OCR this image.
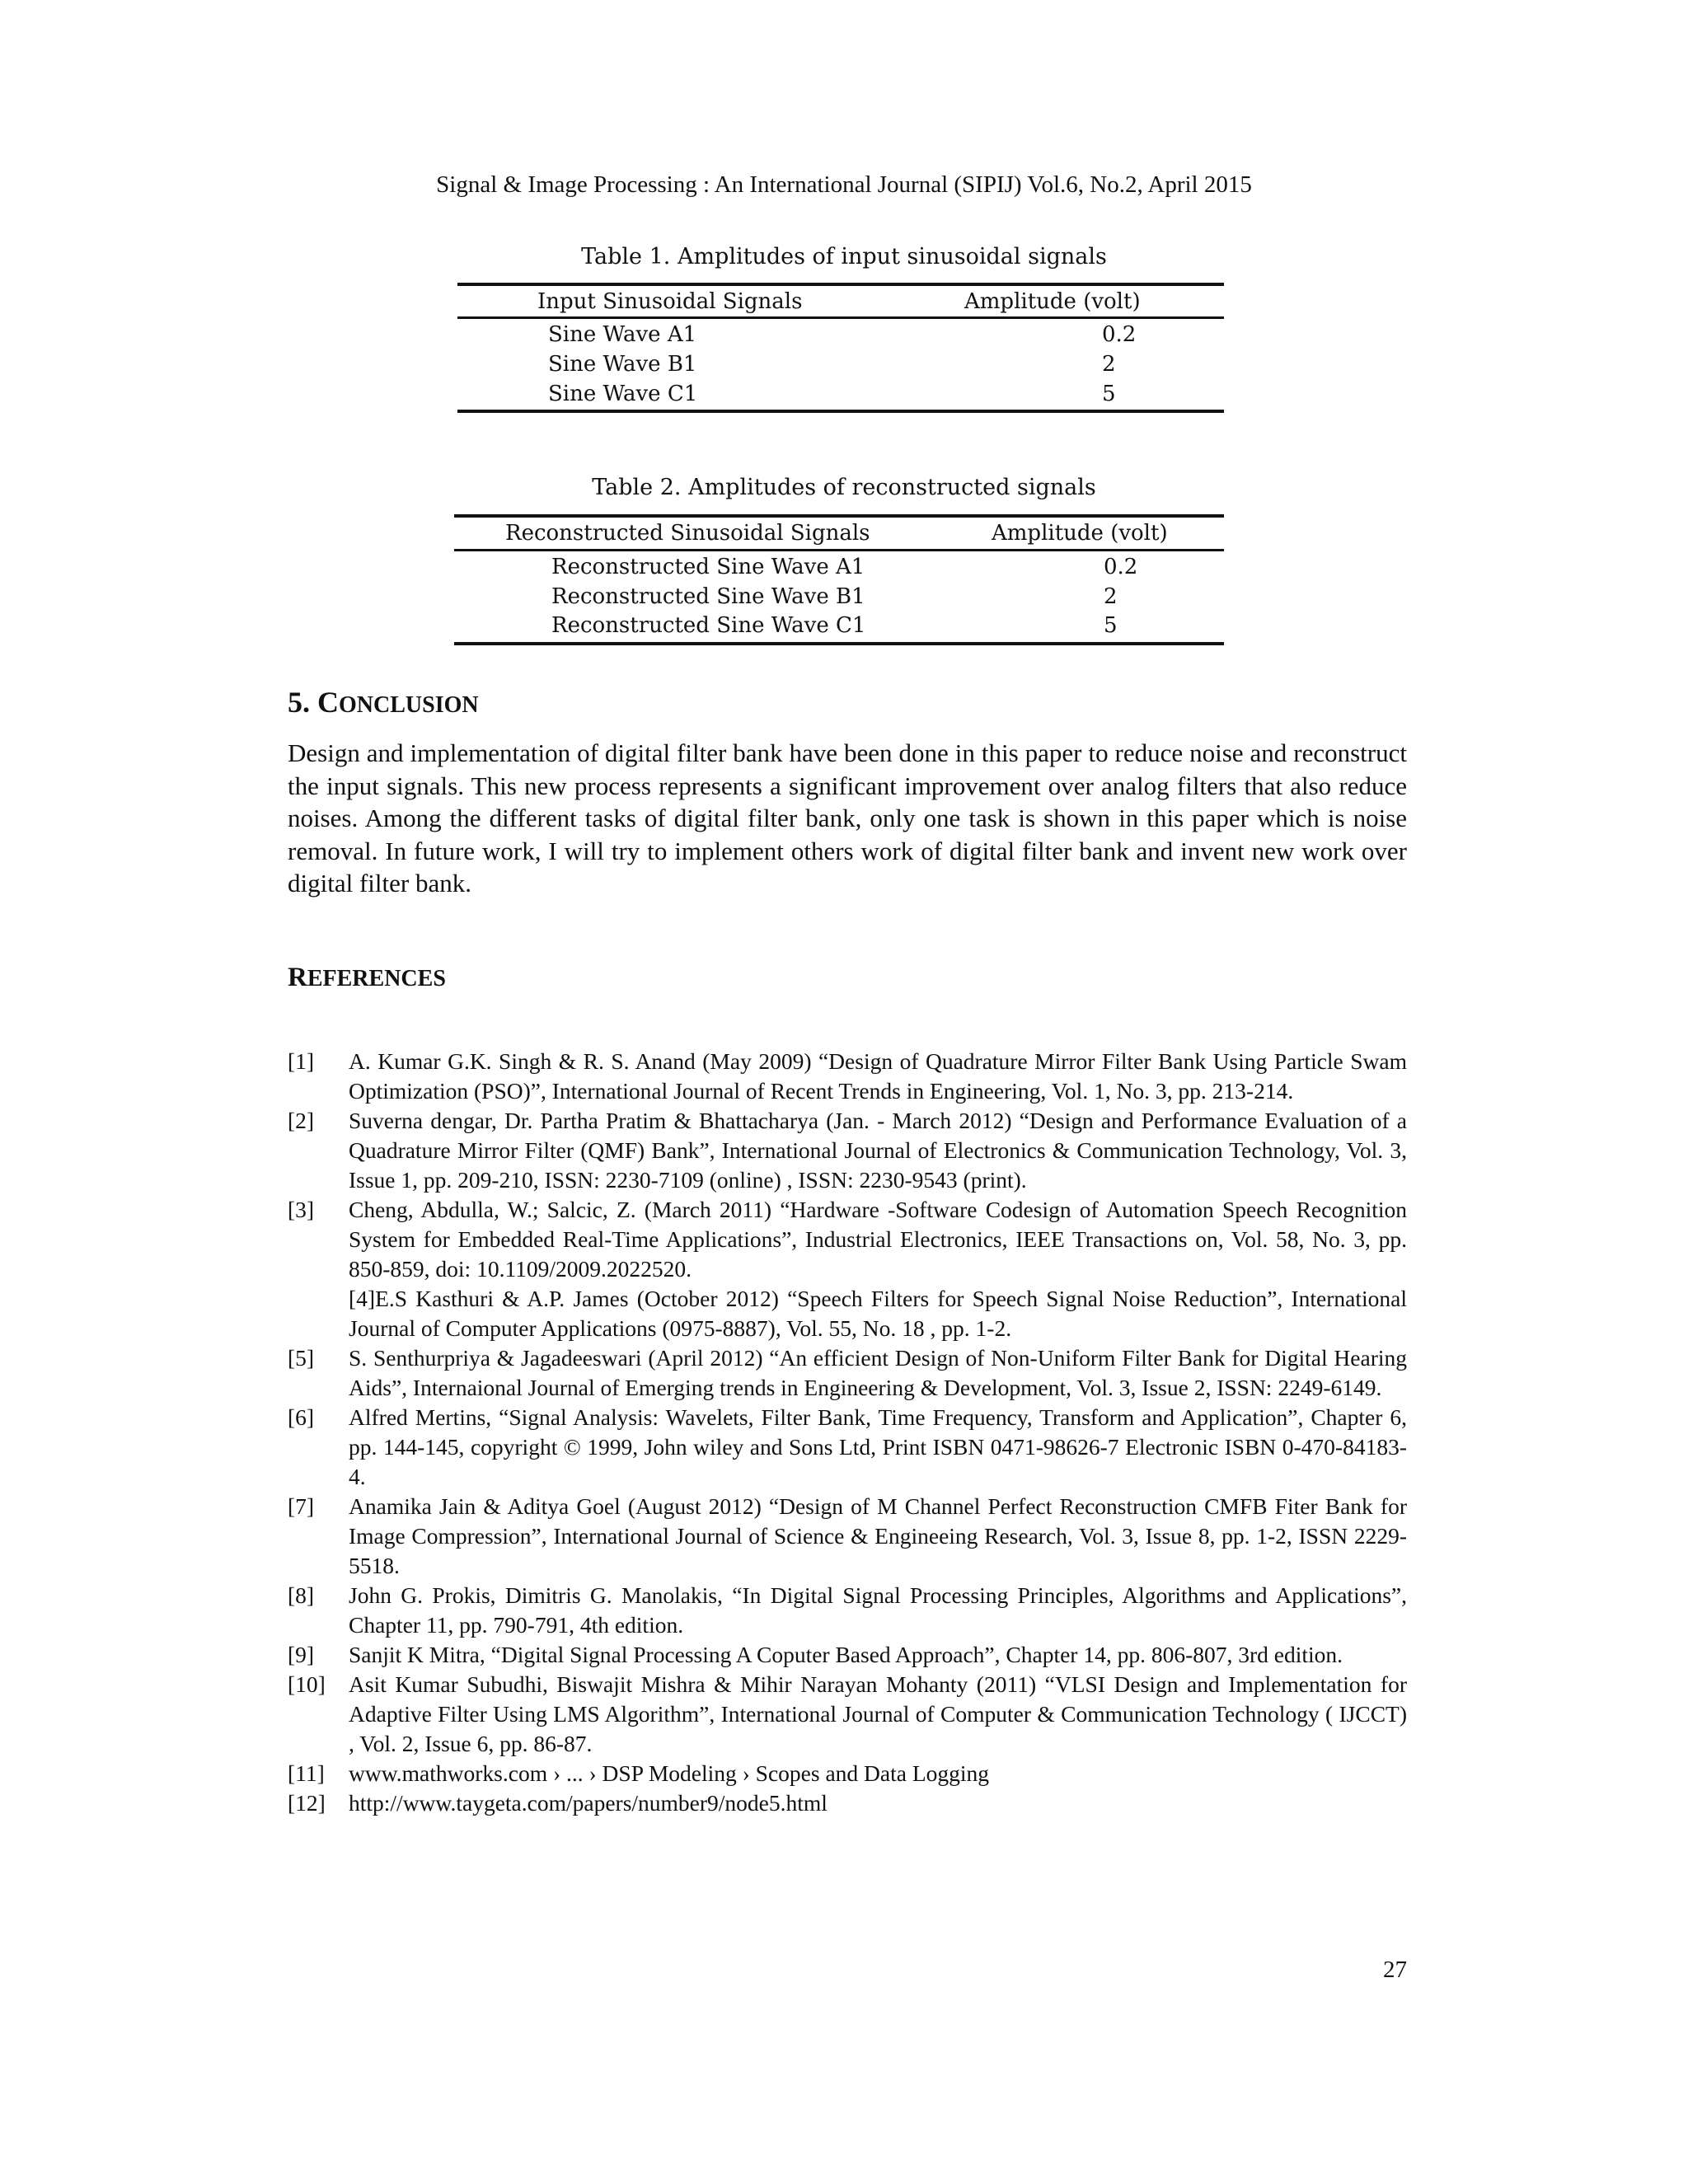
Signal & Image Processing : An International Journal (SIPIJ) Vol.6, No.2, April 2015
Table 1. Amplitudes of input sinusoidal signals
Input Sinusoidal Signals	Amplitude (volt)
Sine Wave A1	0.2
Sine Wave B1	2
Sine Wave C1	5
Table 2. Amplitudes of reconstructed signals
Reconstructed Sinusoidal Signals	Amplitude (volt)
Reconstructed Sine Wave A1	0.2
Reconstructed Sine Wave B1	2
Reconstructed Sine Wave C1	5
5. CONCLUSION

Design and implementation of digital filter bank have been done in this paper to reduce noise and reconstruct the input signals. This new process represents a significant improvement over analog filters that also reduce noises. Among the different tasks of digital filter bank, only one task is shown in this paper which is noise removal. In future work, I will try to implement others work of digital filter bank and invent new work over digital filter bank.

REFERENCES
[1]	A. Kumar G.K. Singh & R. S. Anand (May 2009) “Design of Quadrature Mirror Filter Bank Using Particle Swam Optimization (PSO)”, International Journal of Recent Trends in Engineering, Vol. 1, No. 3, pp. 213-214.
[2]	Suverna dengar, Dr. Partha Pratim & Bhattacharya (Jan. - March 2012) “Design and Performance Evaluation of a Quadrature Mirror Filter (QMF) Bank”, International Journal of Electronics & Communication Technology, Vol. 3, Issue 1, pp. 209-210, ISSN: 2230-7109 (online) , ISSN: 2230-9543 (print).
[3]	Cheng, Abdulla, W.; Salcic, Z. (March 2011) “Hardware -Software Codesign of Automation Speech Recognition System for Embedded Real-Time Applications”, Industrial Electronics, IEEE Transactions on, Vol. 58, No. 3, pp. 850-859, doi: 10.1109/2009.2022520.
[4]E.S Kasthuri & A.P. James (October 2012) “Speech Filters for Speech Signal Noise Reduction”, International Journal of Computer Applications (0975-8887), Vol. 55, No. 18 , pp. 1-2.
[5]	S. Senthurpriya & Jagadeeswari (April 2012) “An efficient Design of Non-Uniform Filter Bank for Digital Hearing Aids”, Internaional Journal of Emerging trends in Engineering & Development, Vol. 3, Issue 2, ISSN: 2249-6149.
[6]	Alfred Mertins, “Signal Analysis: Wavelets, Filter Bank, Time Frequency, Transform and Application”, Chapter 6, pp. 144-145, copyright © 1999, John wiley and Sons Ltd, Print ISBN 0471-98626-7 Electronic ISBN 0-470-84183-4.
[7]	Anamika Jain & Aditya Goel (August 2012) “Design of M Channel Perfect Reconstruction CMFB Fiter Bank for Image Compression”, International Journal of Science & Engineeing Research, Vol. 3, Issue 8, pp. 1-2, ISSN 2229-5518.
[8]	John G. Prokis, Dimitris G. Manolakis, “In Digital Signal Processing Principles, Algorithms and Applications”, Chapter 11, pp. 790-791, 4th edition.
[9]	Sanjit K Mitra, “Digital Signal Processing A Coputer Based Approach”, Chapter 14, pp. 806-807, 3rd edition.
[10]	Asit Kumar Subudhi, Biswajit Mishra & Mihir Narayan Mohanty (2011) “VLSI Design and Implementation for Adaptive Filter Using LMS Algorithm”, International Journal of Computer & Communication Technology ( IJCCT) , Vol. 2, Issue 6, pp. 86-87.
[11]	www.mathworks.com › ... › DSP Modeling › Scopes and Data Logging
[12]	http://www.taygeta.com/papers/number9/node5.html
27
